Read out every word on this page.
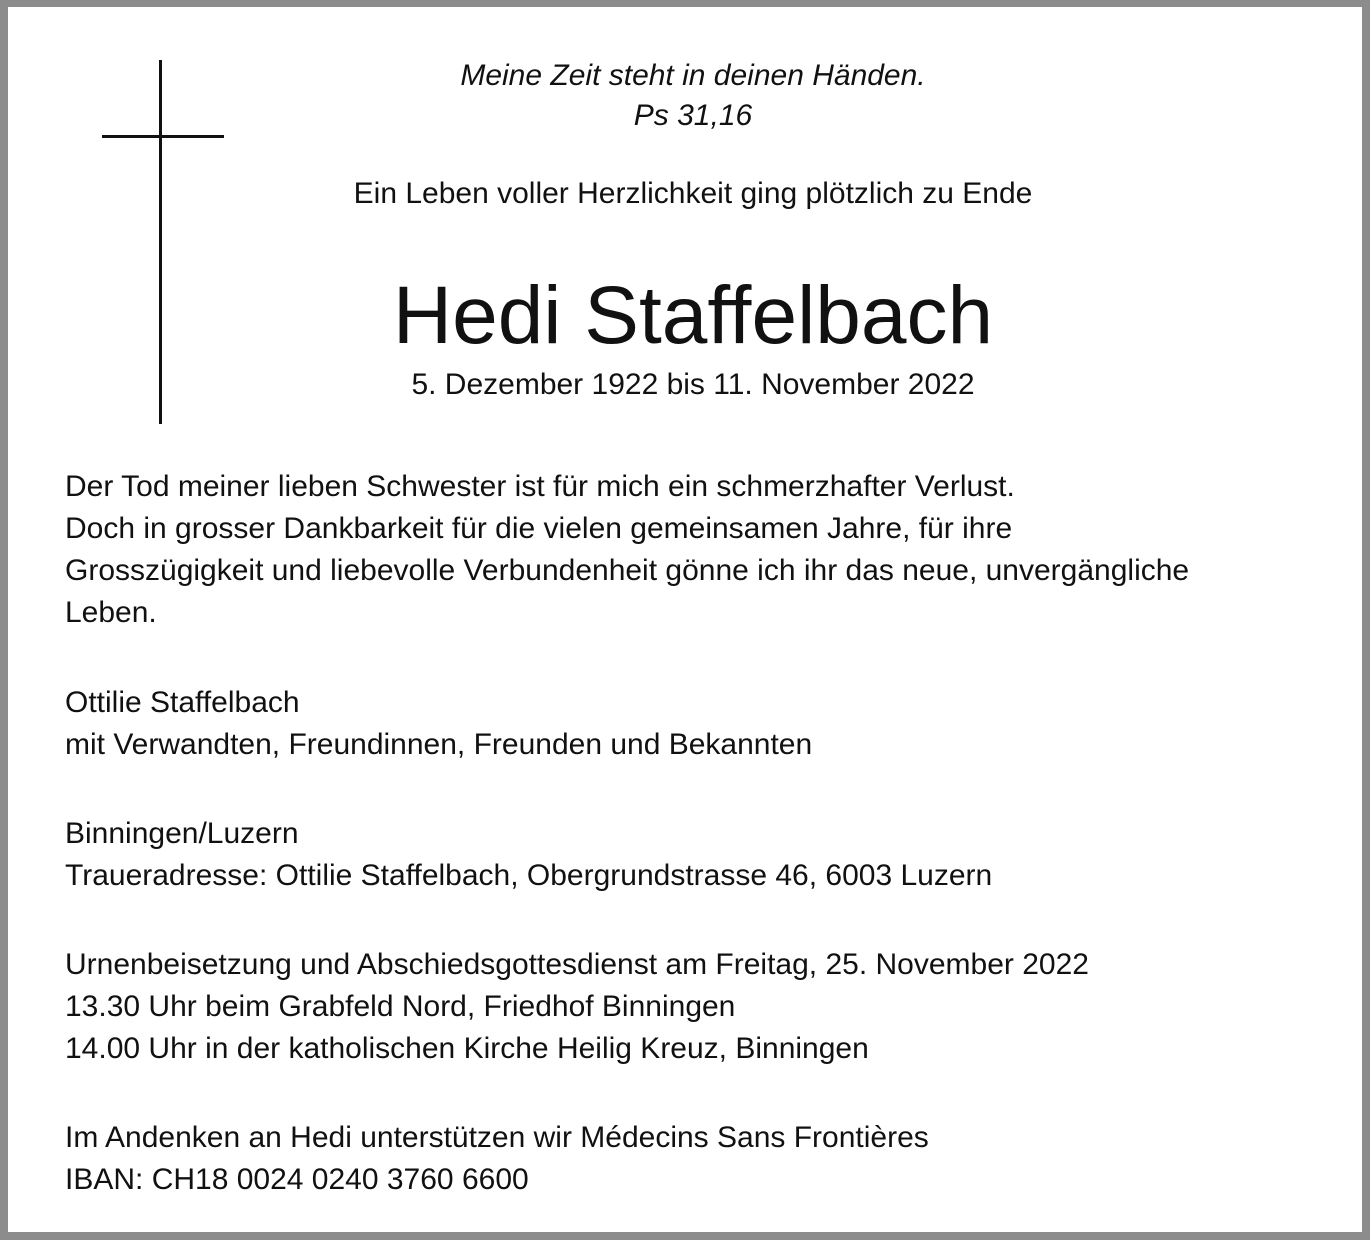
Meine Zeit steht in deinen Händen.
Ps 31,16
Ein Leben voller Herzlichkeit ging plötzlich zu Ende
Hedi Staffelbach
5. Dezember 1922 bis 11. November 2022
Der Tod meiner lieben Schwester ist für mich ein schmerzhafter Verlust.
Doch in grosser Dankbarkeit für die vielen gemeinsamen Jahre, für ihre
Grosszügigkeit und liebevolle Verbundenheit gönne ich ihr das neue, unvergängliche
Leben.
Ottilie Staffelbach
mit Verwandten, Freundinnen, Freunden und Bekannten
Binningen/Luzern
Traueradresse: Ottilie Staffelbach, Obergrundstrasse 46, 6003 Luzern
Urnenbeisetzung und Abschiedsgottesdienst am Freitag, 25. November 2022
13.30 Uhr beim Grabfeld Nord, Friedhof Binningen
14.00 Uhr in der katholischen Kirche Heilig Kreuz, Binningen
Im Andenken an Hedi unterstützen wir Médecins Sans Frontières
IBAN: CH18 0024 0240 3760 6600
